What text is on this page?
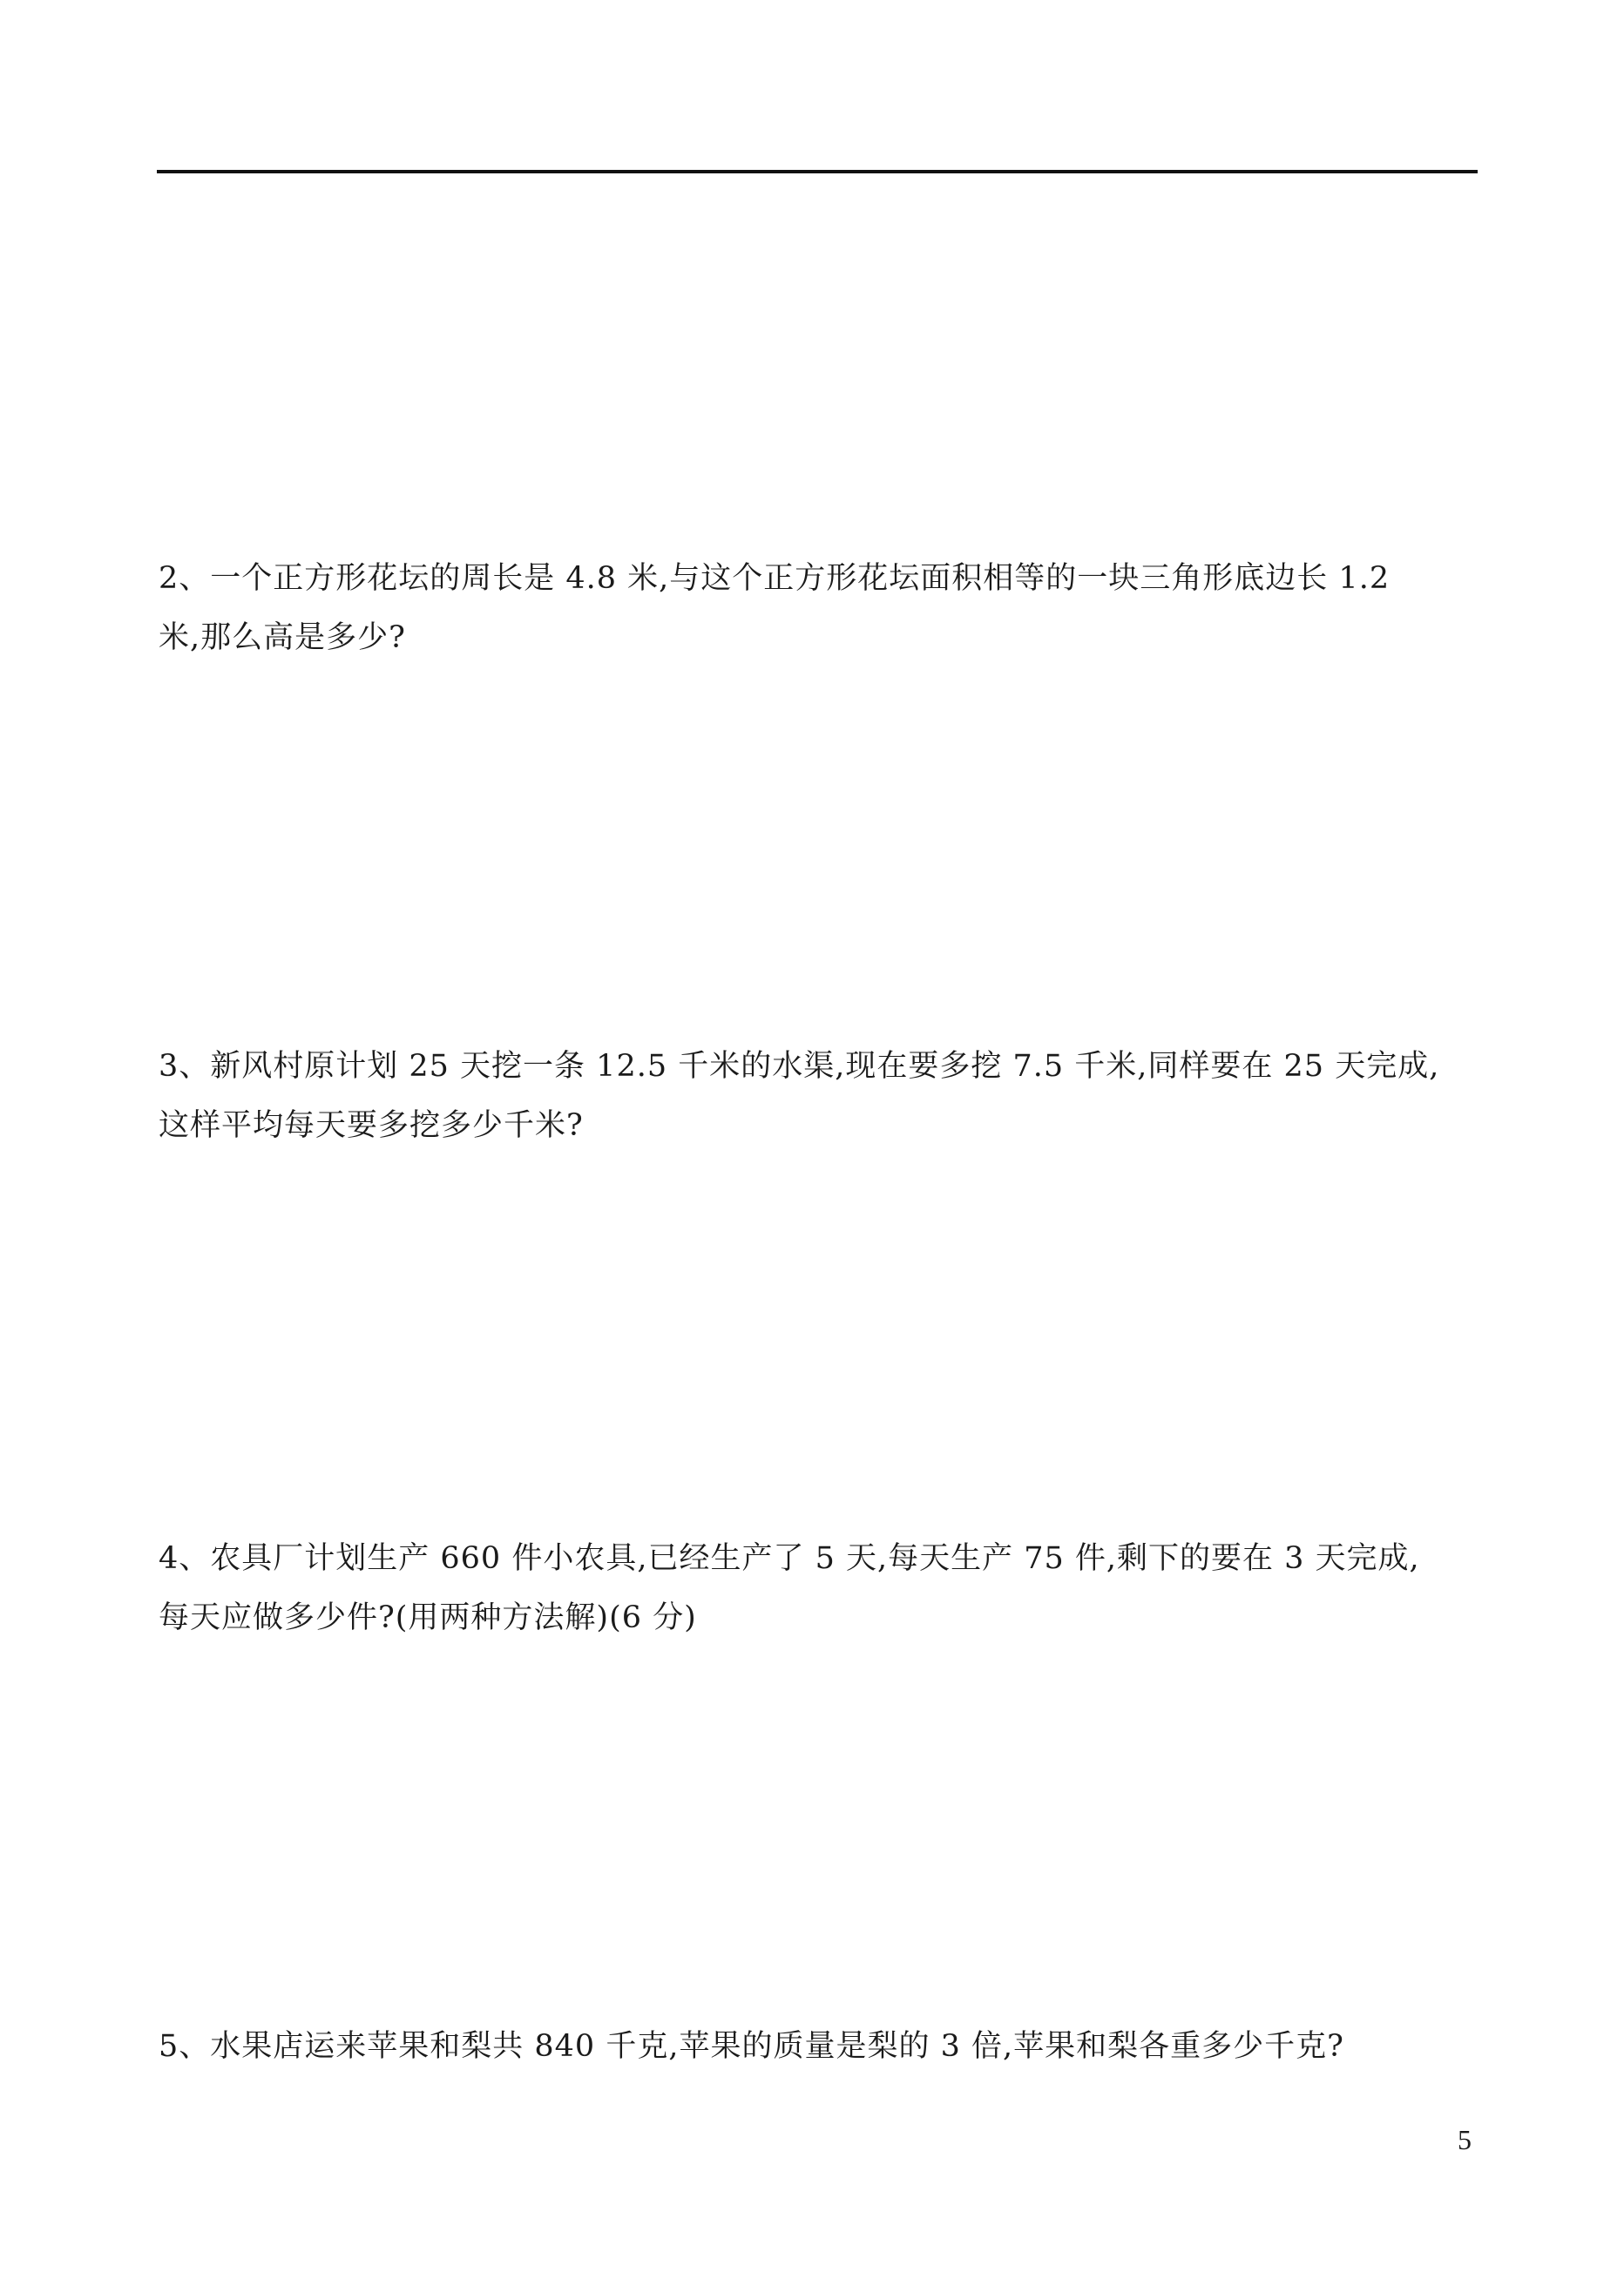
2、一个正方形花坛的周长是 4.8 米,与这个正方形花坛面积相等的一块三角形底边长 1.2
米,那么高是多少?
3、新风村原计划 25 天挖一条 12.5 千米的水渠,现在要多挖 7.5 千米,同样要在 25 天完成,
这样平均每天要多挖多少千米?
4、农具厂计划生产 660 件小农具,已经生产了 5 天,每天生产 75 件,剩下的要在 3 天完成,
每天应做多少件?(用两种方法解)(6 分)
5、水果店运来苹果和梨共 840 千克,苹果的质量是梨的 3 倍,苹果和梨各重多少千克?
5
